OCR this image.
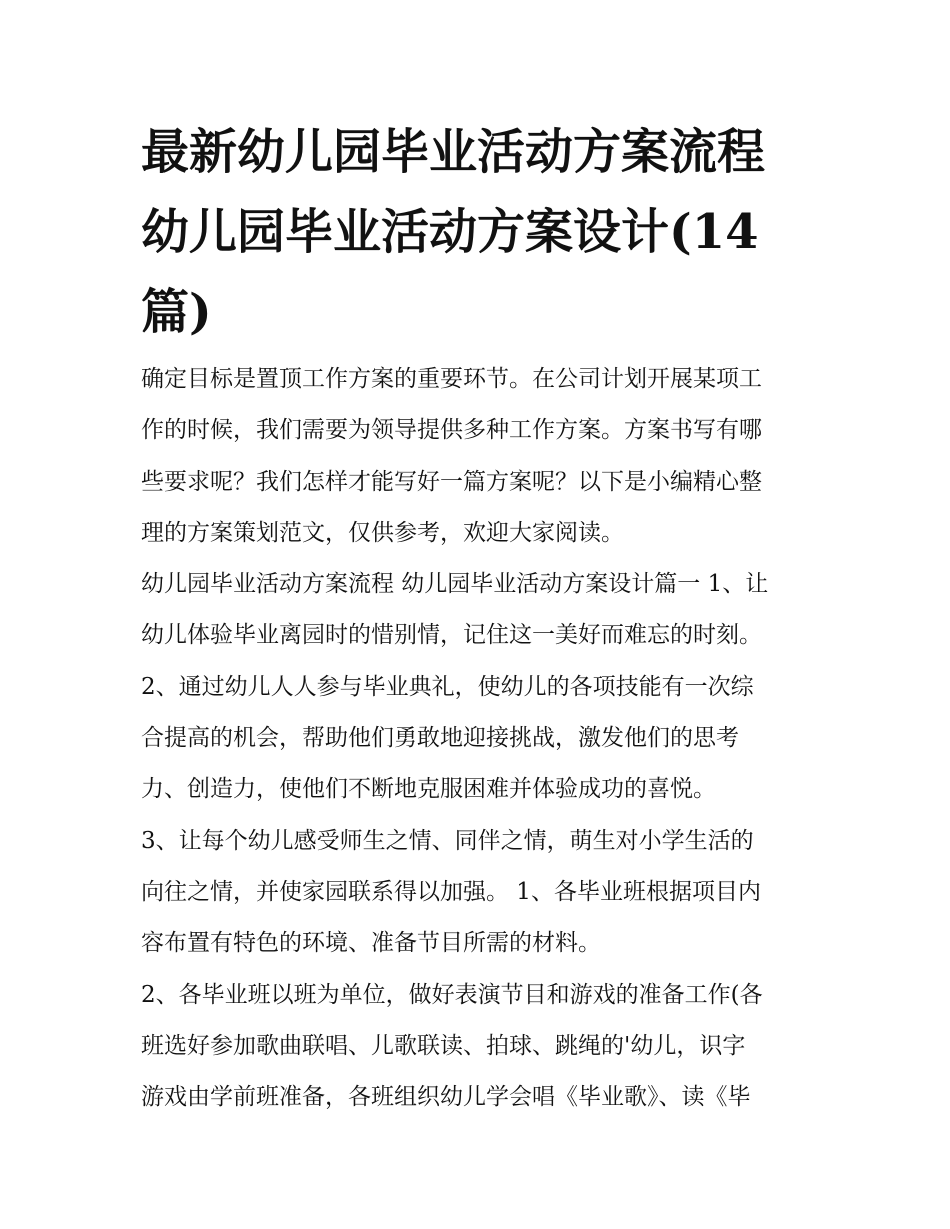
最新幼儿园毕业活动方案流程
幼儿园毕业活动方案设计(14
篇)
确定目标是置顶工作方案的重要环节。在公司计划开展某项工
作的时候，我们需要为领导提供多种工作方案。方案书写有哪
些要求呢？我们怎样才能写好一篇方案呢？以下是小编精心整
理的方案策划范文，仅供参考，欢迎大家阅读。
幼儿园毕业活动方案流程 幼儿园毕业活动方案设计篇一 1、让
幼儿体验毕业离园时的惜别情，记住这一美好而难忘的时刻。
2、通过幼儿人人参与毕业典礼，使幼儿的各项技能有一次综
合提高的机会，帮助他们勇敢地迎接挑战，激发他们的思考
力、创造力，使他们不断地克服困难并体验成功的喜悦。
3、让每个幼儿感受师生之情、同伴之情，萌生对小学生活的
向往之情，并使家园联系得以加强。 1、各毕业班根据项目内
容布置有特色的环境、准备节目所需的材料。
2、各毕业班以班为单位，做好表演节目和游戏的准备工作(各
班选好参加歌曲联唱、儿歌联读、拍球、跳绳的'幼儿，识字
游戏由学前班准备，各班组织幼儿学会唱《毕业歌》、读《毕
